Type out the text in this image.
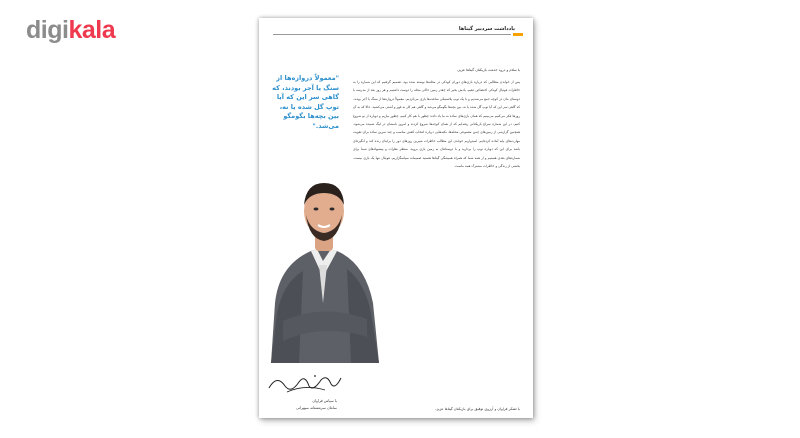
digikala	یادداشت سردبیر گیتاها
"معمولاً دروازه‌ها از سنگ یا آجر بودند، که گاهی سر این که آیا توپ گل شده یا نه، بین بچه‌ها بگومگو می‌شد."
با سلام و درود خدمت بازیکنان گیتاها عزیز،
پس از خواندن مطالبی که درباره بازی‌های دوران کودکی در محله‌ها نوشته شده بود، تصمیم گرفتیم که این شماره را به خاطرات فوتبال کودکی اختصاص دهیم. یادش بخیر که چقدر زمین خاکی محله را دوست داشتیم و هر روز بعد از مدرسه با دوستان مان در کوچه جمع می‌شدیم و با یک توپ پلاستیکی ساعت‌ها بازی می‌کردیم. معمولاً دروازه‌ها از سنگ یا آجر بودند، که گاهی سر این که آیا توپ گل شده یا نه، بین بچه‌ها بگومگو می‌شد و گاهی هم کار به قهر و آشتی می‌کشید. حالا که به آن روزها فکر می‌کنیم می‌بینیم که همان بازی‌های ساده به ما یاد دادند چطور با هم کار کنیم، چطور ببازیم و دوباره از نو شروع کنیم. در این شماره سراغ بازیکنانی رفته‌ایم که از همان کوچه‌ها شروع کردند و امروز نامشان در لیگ شنیده می‌شود. همچنین گزارشی از زمین‌های چمن مصنوعی محله‌ها، نکته‌هایی درباره انتخاب کفش مناسب و چند تمرین ساده برای تقویت مهارت‌های پایه آماده کرده‌ایم. امیدواریم خواندن این مطالب خاطرات شیرین روزهای دور را برایتان زنده کند و انگیزه‌ای باشد برای این که دوباره توپ را بردارید و با دوستانتان به زمین بازی بروید. منتظر نظرات و پیشنهادهای شما برای شماره‌های بعدی هستیم و از همه شما که همراه همیشگی گیتاها هستید صمیمانه سپاسگزاریم. فوتبال تنها یک بازی نیست، بخشی از زندگی و خاطرات مشترک همه ماست.
با تشکر فراوان و آرزوی توفیق برای بازیکنان گیتاها عزیز،
با سپاس فراوان
سامان سرمستانه سپهرانی
